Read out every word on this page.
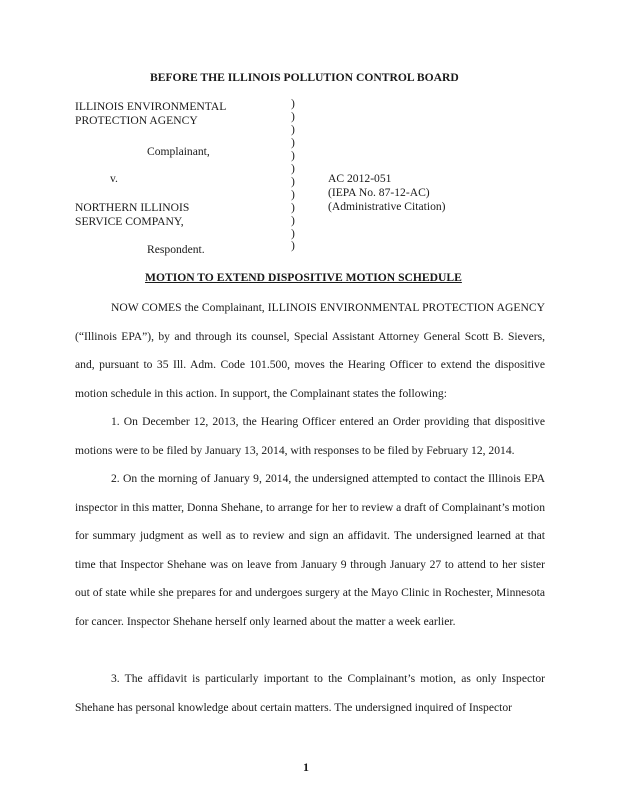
BEFORE THE ILLINOIS POLLUTION CONTROL BOARD
ILLINOIS ENVIRONMENTAL
PROTECTION AGENCY
Complainant,
v.
NORTHERN ILLINOIS
SERVICE COMPANY,
Respondent.
)
)
)
)
)
)
)
)
)
)
)
)
AC 2012-051
(IEPA No. 87-12-AC)
(Administrative Citation)
MOTION TO EXTEND DISPOSITIVE MOTION SCHEDULE
NOW COMES the Complainant, ILLINOIS ENVIRONMENTAL PROTECTION AGENCY (“Illinois EPA”), by and through its counsel, Special Assistant Attorney General Scott B. Sievers, and, pursuant to 35 Ill. Adm. Code 101.500, moves the Hearing Officer to extend the dispositive motion schedule in this action. In support, the Complainant states the following:
1. On December 12, 2013, the Hearing Officer entered an Order providing that dispositive motions were to be filed by January 13, 2014, with responses to be filed by February 12, 2014.
2. On the morning of January 9, 2014, the undersigned attempted to contact the Illinois EPA inspector in this matter, Donna Shehane, to arrange for her to review a draft of Complainant’s motion for summary judgment as well as to review and sign an affidavit. The undersigned learned at that time that Inspector Shehane was on leave from January 9 through January 27 to attend to her sister out of state while she prepares for and undergoes surgery at the Mayo Clinic in Rochester, Minnesota for cancer. Inspector Shehane herself only learned about the matter a week earlier.
3. The affidavit is particularly important to the Complainant’s motion, as only Inspector Shehane has personal knowledge about certain matters. The undersigned inquired of Inspector
1
